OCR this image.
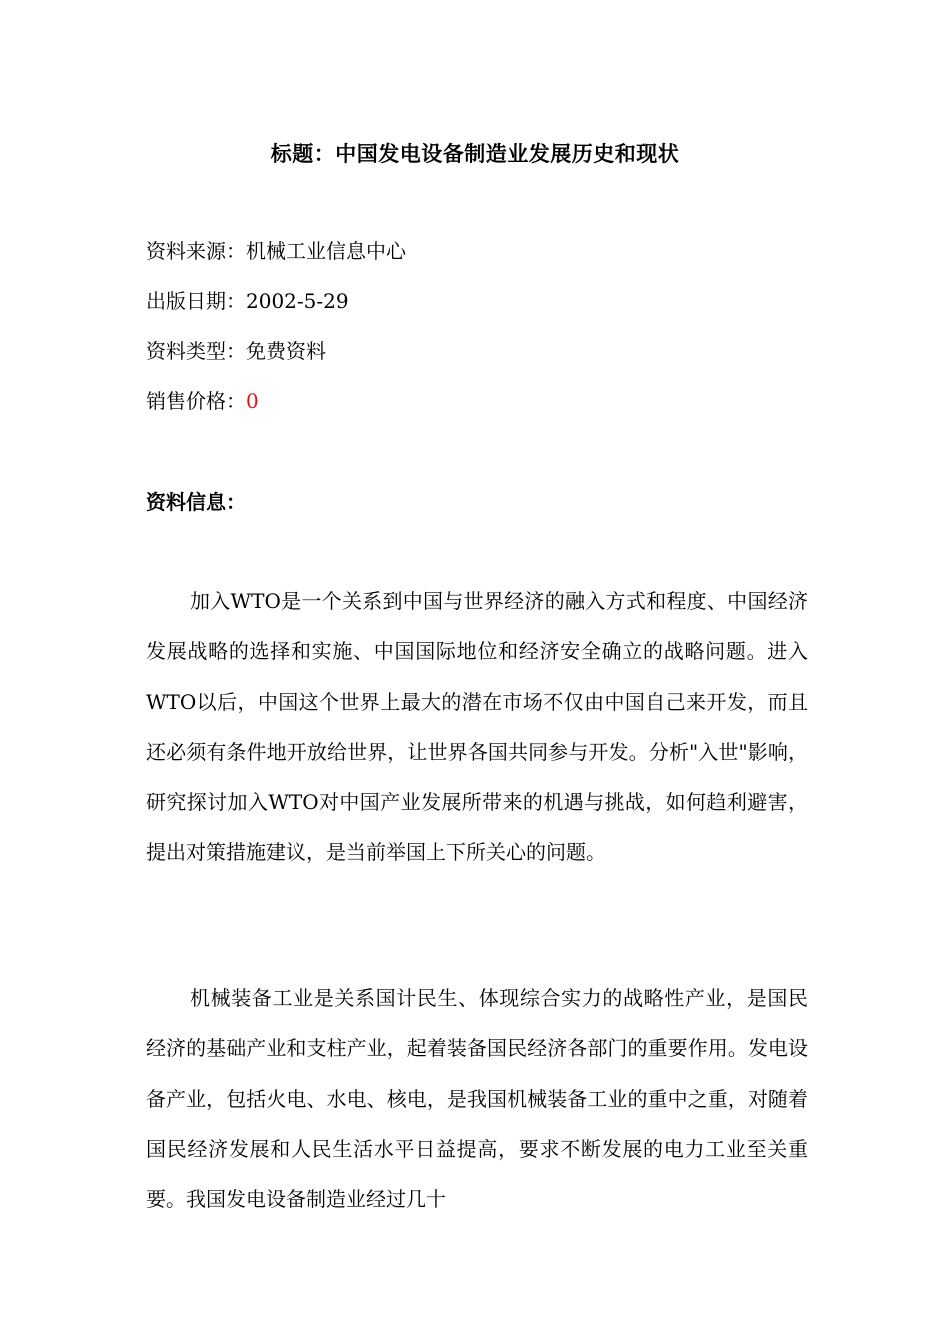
标题：中国发电设备制造业发展历史和现状
资料来源：机械工业信息中心
出版日期：2002-5-29
资料类型：免费资料
销售价格：0
资料信息：

加入WTO是一个关系到中国与世界经济的融入方式和程度、中国经济发展战略的选择和实施、中国国际地位和经济安全确立的战略问题。进入WTO以后，中国这个世界上最大的潜在市场不仅由中国自己来开发，而且还必须有条件地开放给世界，让世界各国共同参与开发。分析"入世"影响，研究探讨加入WTO对中国产业发展所带来的机遇与挑战，如何趋利避害，提出对策措施建议，是当前举国上下所关心的问题。

机械装备工业是关系国计民生、体现综合实力的战略性产业，是国民经济的基础产业和支柱产业，起着装备国民经济各部门的重要作用。发电设备产业，包括火电、水电、核电，是我国机械装备工业的重中之重，对随着国民经济发展和人民生活水平日益提高，要求不断发展的电力工业至关重要。我国发电设备制造业经过几十
